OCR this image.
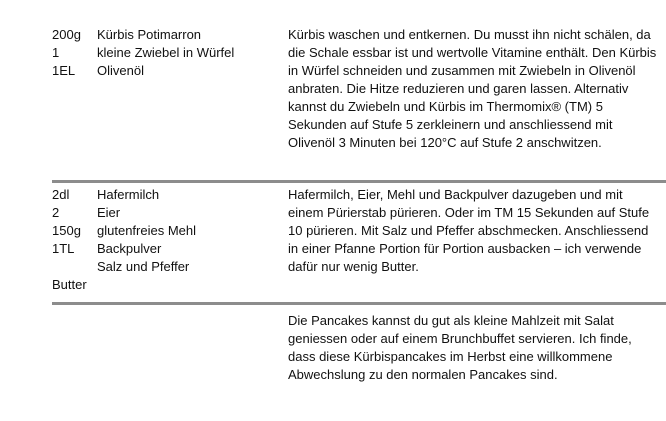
200g Kürbis Potimarron
1	kleine Zwiebel in Würfel
1EL Olivenöl

Kürbis waschen und entkernen. Du musst ihn nicht schälen, da die Schale essbar ist und wertvolle Vitamine enthält. Den Kürbis in Würfel schneiden und zusammen mit Zwiebeln in Olivenöl anbraten. Die Hitze reduzieren und garen lassen. Alternativ kannst du Zwiebeln und Kürbis im Thermomix® (TM) 5 Sekunden auf Stufe 5 zerkleinern und anschliessend mit Olivenöl 3 Minuten bei 120°C auf Stufe 2 anschwitzen.

2dl Hafermilch
2	Eier
150g glutenfreies Mehl
1TL Backpulver
Salz und Pfeffer
Butter

Hafermilch, Eier, Mehl und Backpulver dazugeben und mit einem Pürierstab pürieren. Oder im TM 15 Sekunden auf Stufe 10 pürieren. Mit Salz und Pfeffer abschmecken. Anschliessend in einer Pfanne Portion für Portion ausbacken – ich verwende dafür nur wenig Butter.

Die Pancakes kannst du gut als kleine Mahlzeit mit Salat geniessen oder auf einem Brunchbuffet servieren. Ich finde, dass diese Kürbispancakes im Herbst eine willkommene Abwechslung zu den normalen Pancakes sind.
